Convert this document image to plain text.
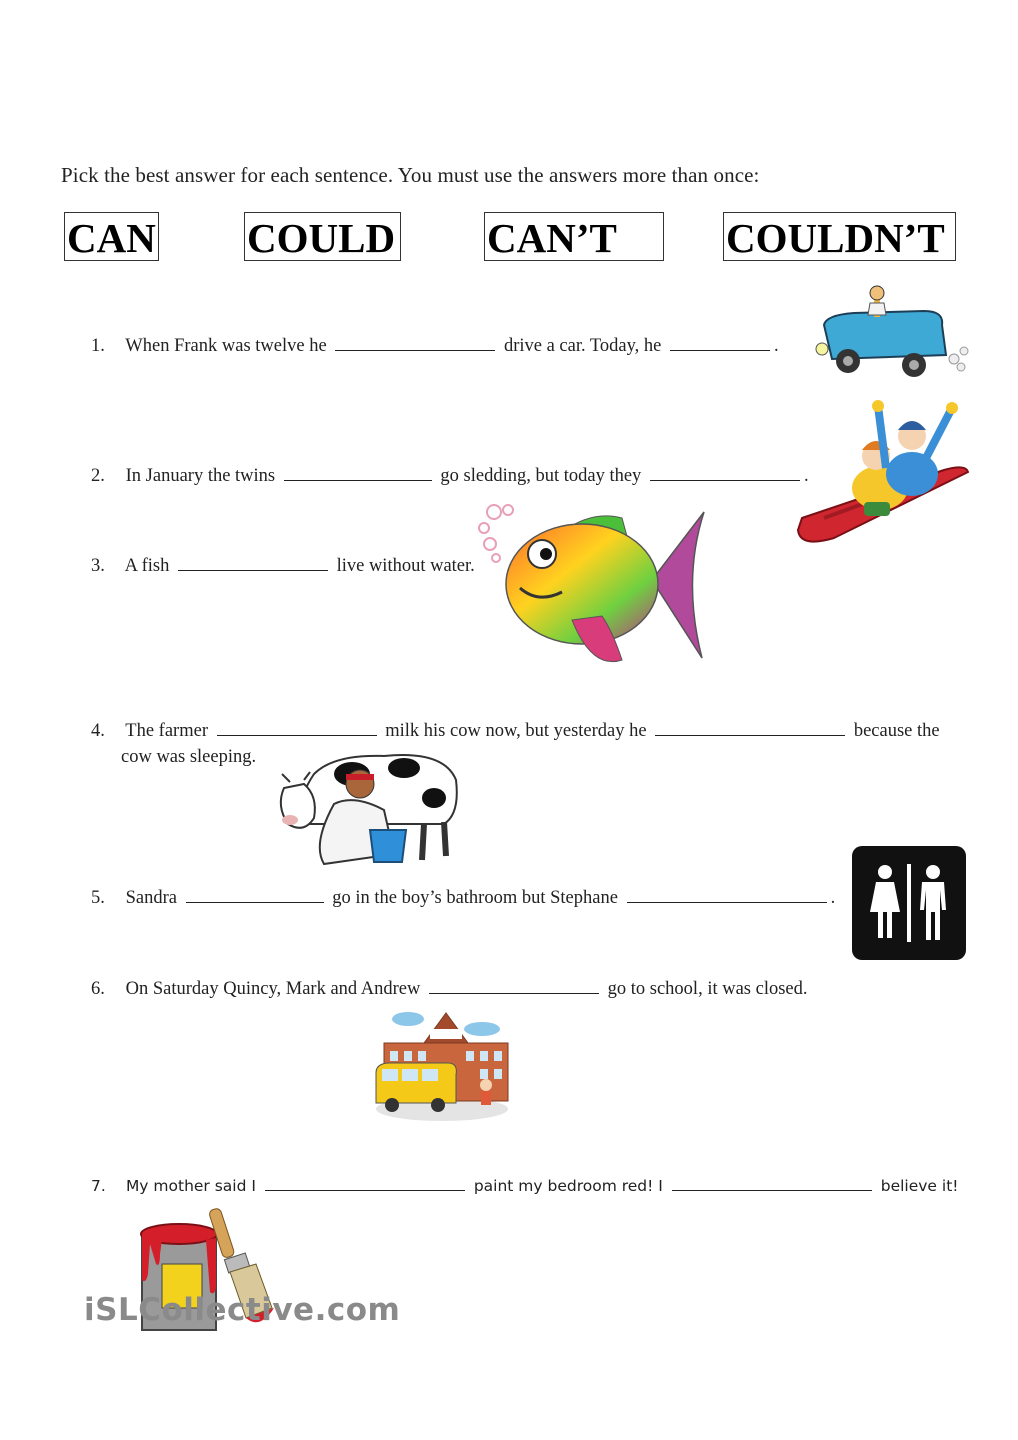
Pick the best answer for each sentence. You must use the answers more than once:
CAN COULD CAN’T	COULDN’T
1. When Frank was twelve he	drive a car. Today, he	.
2. In January the twins	go sledding, but today they	.
3. A fish	live without water.
4. The farmer	milk his cow now, but yesterday he	because the
cow was sleeping.
5. Sandra	go in the boy’s bathroom but Stephane	.
6. On Saturday Quincy, Mark and Andrew	go to school, it was closed.
7. My mother said I	paint my bedroom red! I	believe it!
iSLCollective.com
